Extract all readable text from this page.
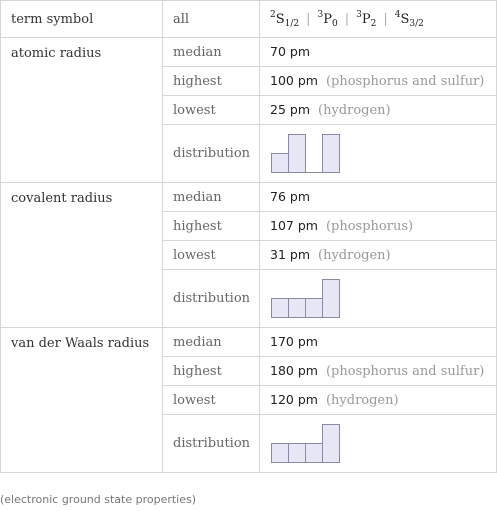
term symbol	all	$^2S_{1/2}$ | $^3P_0$ | $^3P_2$ | $^4S_{3/2}$
atomic radius	median	70 pm
	highest	100 pm (phosphorus and sulfur)
	lowest	25 pm (hydrogen)
	distribution	

covalent radius	median	76 pm
	highest	107 pm (phosphorus)
	lowest	31 pm (hydrogen)
	distribution	

van der Waals radius	median	170 pm
	highest	180 pm (phosphorus and sulfur)
	lowest	120 pm (hydrogen)
	distribution	
(electronic ground state properties)
